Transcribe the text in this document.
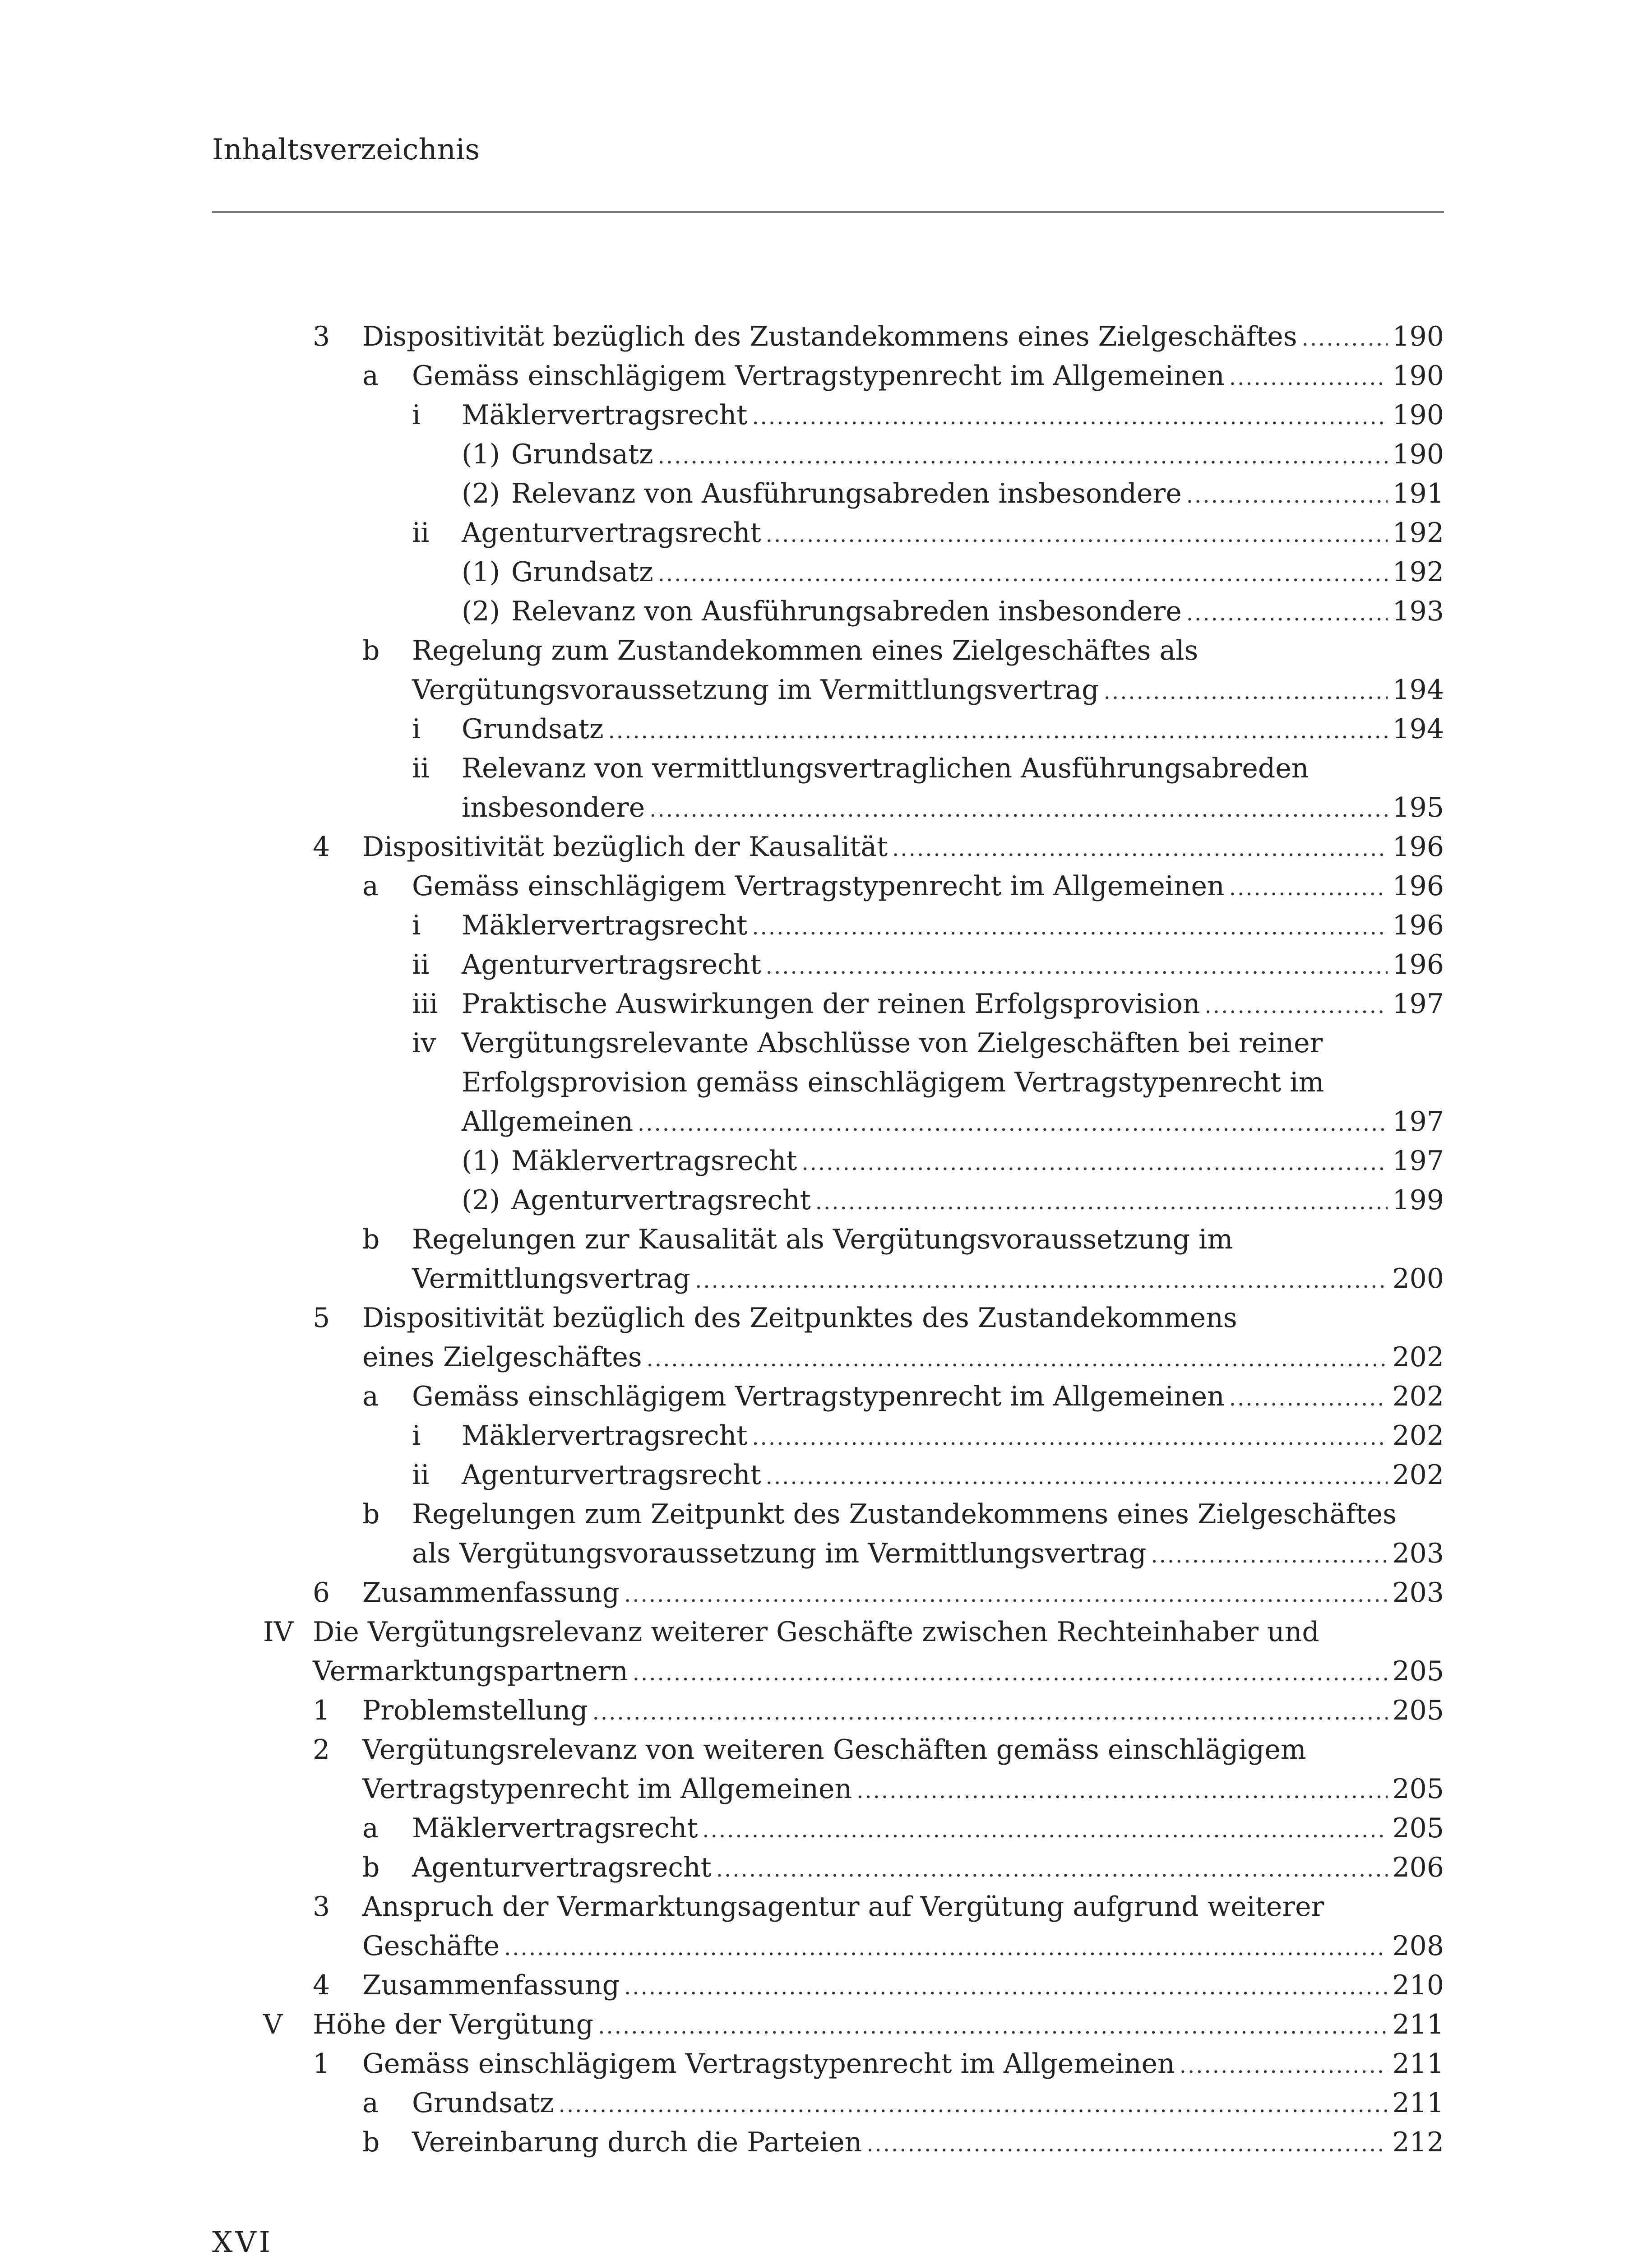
Inhaltsverzeichnis
3 Dispositivität bezüglich des Zustandekommens eines Zielgeschäftes .....	190
a Gemäss einschlägigem Vertragstypenrecht im Allgemeinen .....	190
i Mäklervertragsrecht .....	190
(1) Grundsatz .....	190
(2) Relevanz von Ausführungsabreden insbesondere .....	191
ii Agenturvertragsrecht .....	192
(1) Grundsatz .....	192
(2) Relevanz von Ausführungsabreden insbesondere .....	193
b Regelung zum Zustandekommen eines Zielgeschäftes als
Vergütungsvoraussetzung im Vermittlungsvertrag .....	194
i Grundsatz .....	194
ii Relevanz von vermittlungsvertraglichen Ausführungsabreden
insbesondere .....	195
4 Dispositivität bezüglich der Kausalität .....	196
a Gemäss einschlägigem Vertragstypenrecht im Allgemeinen .....	196
i Mäklervertragsrecht .....	196
ii Agenturvertragsrecht .....	196
iii Praktische Auswirkungen der reinen Erfolgsprovision .....	197
iv Vergütungsrelevante Abschlüsse von Zielgeschäften bei reiner
Erfolgsprovision gemäss einschlägigem Vertragstypenrecht im
Allgemeinen .....	197
(1) Mäklervertragsrecht .....	197
(2) Agenturvertragsrecht .....	199
b Regelungen zur Kausalität als Vergütungsvoraussetzung im
Vermittlungsvertrag .....	200
5 Dispositivität bezüglich des Zeitpunktes des Zustandekommens
eines Zielgeschäftes .....	202
a Gemäss einschlägigem Vertragstypenrecht im Allgemeinen .....	202
i Mäklervertragsrecht .....	202
ii Agenturvertragsrecht .....	202
b Regelungen zum Zeitpunkt des Zustandekommens eines Zielgeschäftes
als Vergütungsvoraussetzung im Vermittlungsvertrag .....	203
6 Zusammenfassung .....	203
IV Die Vergütungsrelevanz weiterer Geschäfte zwischen Rechteinhaber und
Vermarktungspartnern .....	205
1 Problemstellung .....	205
2 Vergütungsrelevanz von weiteren Geschäften gemäss einschlägigem
Vertragstypenrecht im Allgemeinen .....	205
a Mäklervertragsrecht .....	205
b Agenturvertragsrecht .....	206
3 Anspruch der Vermarktungsagentur auf Vergütung aufgrund weiterer
Geschäfte .....	208
4 Zusammenfassung .....	210
V Höhe der Vergütung .....	211
1 Gemäss einschlägigem Vertragstypenrecht im Allgemeinen .....	211
a Grundsatz .....	211
b Vereinbarung durch die Parteien .....	212
XVI
